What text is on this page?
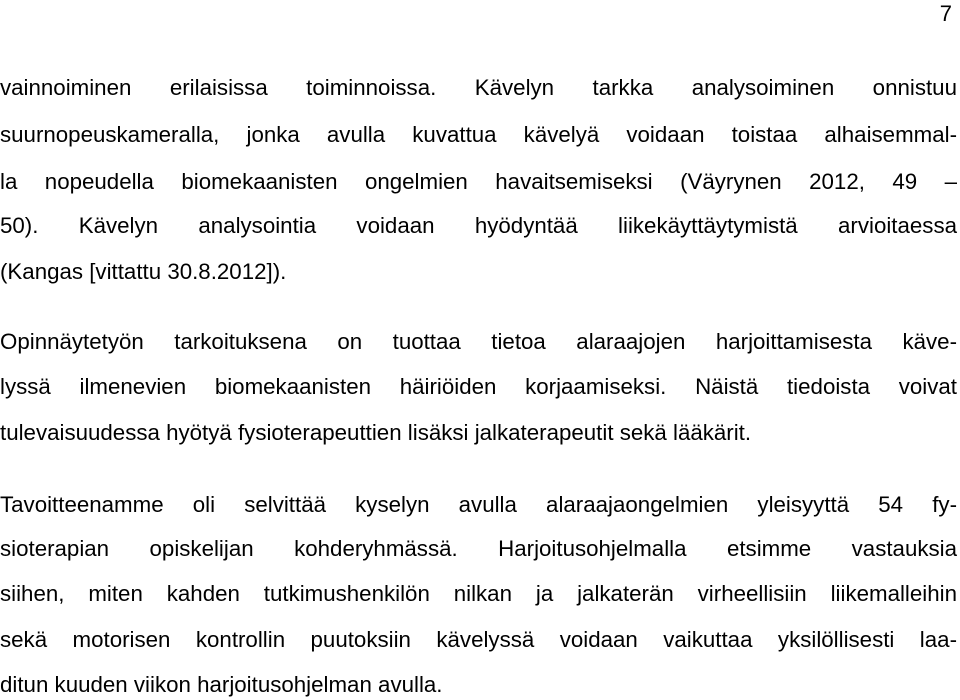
7
vainnoiminen erilaisissa toiminnoissa. Kävelyn tarkka analysoiminen onnistuu
suurnopeuskameralla, jonka avulla kuvattua kävelyä voidaan toistaa alhaisemmal-
la nopeudella biomekaanisten ongelmien havaitsemiseksi (Väyrynen 2012, 49 –
50). Kävelyn analysointia voidaan hyödyntää liikekäyttäytymistä arvioitaessa
(Kangas [vittattu 30.8.2012]).
Opinnäytetyön tarkoituksena on tuottaa tietoa alaraajojen harjoittamisesta käve-
lyssä ilmenevien biomekaanisten häiriöiden korjaamiseksi. Näistä tiedoista voivat
tulevaisuudessa hyötyä fysioterapeuttien lisäksi jalkaterapeutit sekä lääkärit.
Tavoitteenamme oli selvittää kyselyn avulla alaraajaongelmien yleisyyttä 54 fy-
sioterapian opiskelijan kohderyhmässä. Harjoitusohjelmalla etsimme vastauksia
siihen, miten kahden tutkimushenkilön nilkan ja jalkaterän virheellisiin liikemalleihin
sekä motorisen kontrollin puutoksiin kävelyssä voidaan vaikuttaa yksilöllisesti laa-
ditun kuuden viikon harjoitusohjelman avulla.
